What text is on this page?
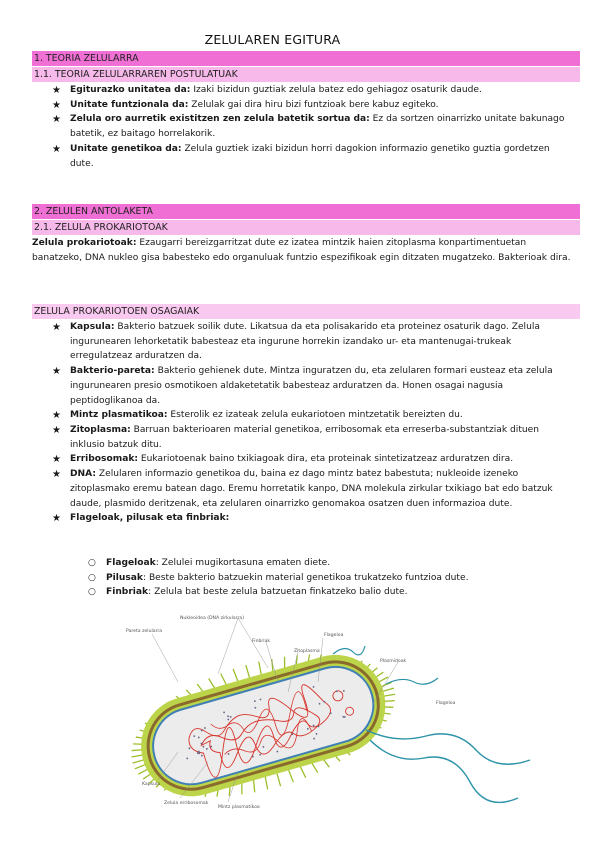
ZELULAREN EGITURA
1. TEORIA ZELULARRA
1.1. TEORIA ZELULARRAREN POSTULATUAK
★ Egiturazko unitatea da: Izaki bizidun guztiak zelula batez edo gehiagoz osaturik daude.
★ Unitate funtzionala da: Zelulak gai dira hiru bizi funtzioak bere kabuz egiteko.
★ Zelula oro aurretik existitzen zen zelula batetik sortua da: Ez da sortzen oinarrizko unitate bakunago batetik, ez baitago horrelakorik.
★ Unitate genetikoa da: Zelula guztiek izaki bizidun horri dagokion informazio genetiko guztia gordetzen dute.
2. ZELULEN ANTOLAKETA
2.1. ZELULA PROKARIOTOAK
Zelula prokariotoak: Ezaugarri bereizgarritzat dute ez izatea mintzik haien zitoplasma konpartimentuetan banatzeko, DNA nukleo gisa babesteko edo organuluak funtzio espezifikoak egin ditzaten mugatzeko. Bakterioak dira.
ZELULA PROKARIOTOEN OSAGAIAK
★ Kapsula: Bakterio batzuek soilik dute. Likatsua da eta polisakarido eta proteinez osaturik dago. Zelula ingurunearen lehorketatik babesteaz eta ingurune horrekin izandako ur- eta mantenugai-trukeak erregulatzeaz arduratzen da.
★ Bakterio-pareta: Bakterio gehienek dute. Mintza inguratzen du, eta zelularen formari eusteaz eta zelula ingurunearen presio osmotikoen aldaketetatik babesteaz arduratzen da. Honen osagai nagusia peptidoglikanoa da.
★ Mintz plasmatikoa: Esterolik ez izateak zelula eukariotoen mintzetatik bereizten du.
★ Zitoplasma: Barruan bakterioaren material genetikoa, erribosomak eta erreserba-substantziak dituen inklusio batzuk ditu.
★ Erribosomak: Eukariotoenak baino txikiagoak dira, eta proteinak sintetizatzeaz arduratzen dira.
★ DNA: Zelularen informazio genetikoa du, baina ez dago mintz batez babestuta; nukleoide izeneko zitoplasmako eremu batean dago. Eremu horretatik kanpo, DNA molekula zirkular txikiago bat edo batzuk daude, plasmido deritzenak, eta zelularen oinarrizko genomakoa osatzen duen informazioa dute.
★ Flageloak, pilusak eta finbriak:
○ Flageloak: Zelulei mugikortasuna ematen diete.
○ Pilusak: Beste bakterio batzuekin material genetikoa trukatzeko funtzioa dute.
○ Finbriak: Zelula bat beste zelula batzuetan finkatzeko balio dute.
Nukleoidea (DNA zirkularra)
Pareta zelularra
Finbriak
Zitoplasma
Flageloa
Plasmidoak
Flageloa
Kapsula
Zelula erribosomak
Mintz plasmatikoa
